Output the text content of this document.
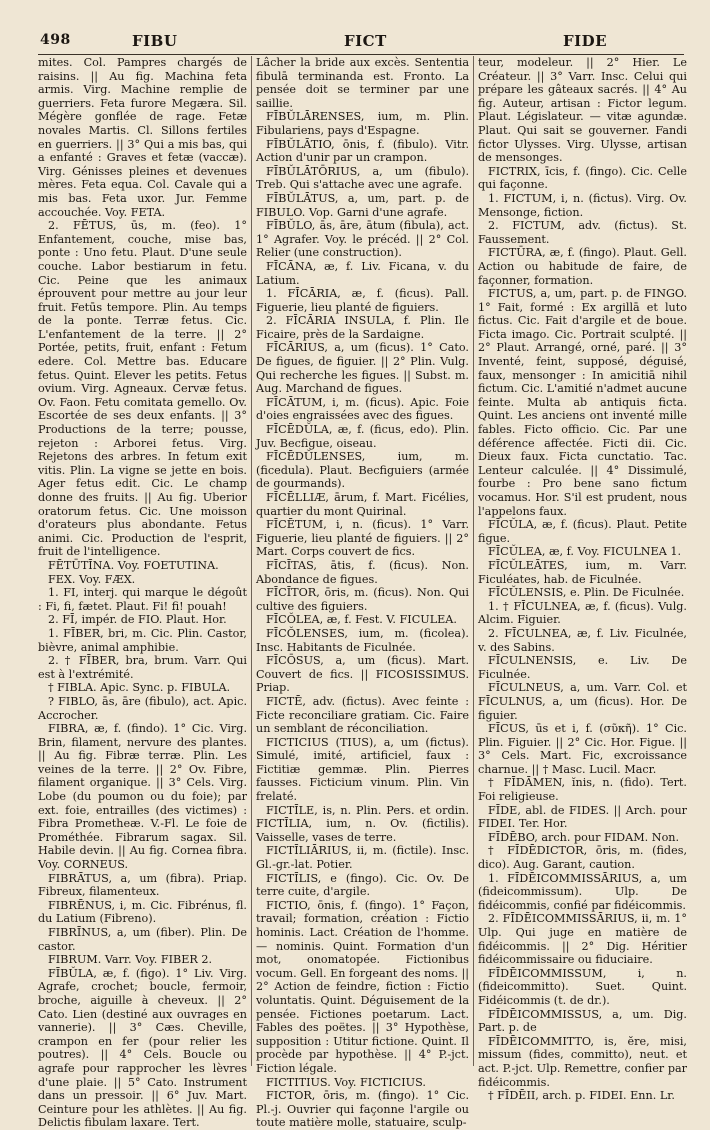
498	FIBU	FICT	FIDE
mites. Col. Pampres chargés de raisins. || Au fig. Machina feta armis. Virg. Machine remplie de guerriers. Feta furore Megæra. Sil. Mégère gonflée de rage. Fetæ novales Martis. Cl. Sillons fertiles en guerriers. || 3° Qui a mis bas, qui a enfanté : Graves et fetæ (vaccæ). Virg. Génisses pleines et devenues mères. Feta equa. Col. Cavale qui a mis bas. Feta uxor. Jur. Femme accouchée. Voy. FETA.
2. FĒTUS, ūs, m. (feo). 1° Enfantement, couche, mise bas, ponte : Uno fetu. Plaut. D'une seule couche. Labor bestiarum in fetu. Cic. Peine que les animaux éprouvent pour mettre au jour leur fruit. Fetūs tempore. Plin. Au temps de la ponte. Terræ fetus. Cic. L'enfantement de la terre. || 2° Portée, petits, fruit, enfant : Fetum edere. Col. Mettre bas. Educare fetus. Quint. Elever les petits. Fetus ovium. Virg. Agneaux. Cervæ fetus. Ov. Faon. Fetu comitata gemello. Ov. Escortée de ses deux enfants. || 3° Productions de la terre; pousse, rejeton : Arborei fetus. Virg. Rejetons des arbres. In fetum exit vitis. Plin. La vigne se jette en bois. Ager fetus edit. Cic. Le champ donne des fruits. || Au fig. Uberior oratorum fetus. Cic. Une moisson d'orateurs plus abondante. Fetus animi. Cic. Production de l'esprit, fruit de l'intelligence.
FĒTŪTĪNA. Voy. FOETUTINA.
FEX. Voy. FÆX.
1. FI, interj. qui marque le dégoût : Fi, fi, fætet. Plaut. Fi! fi! pouah!
2. FĪ, impér. de FIO. Plaut. Hor.
1. FĪBER, bri, m. Cic. Plin. Castor, bièvre, animal amphibie.
2. † FĪBER, bra, brum. Varr. Qui est à l'extrémité.
† FIBLA. Apic. Sync. p. FIBULA.
? FIBLO, ās, āre (fibulo), act. Apic. Accrocher.
FIBRA, æ, f. (findo). 1° Cic. Virg. Brin, filament, nervure des plantes. || Au fig. Fibræ terræ. Plin. Les veines de la terre. || 2° Ov. Fibre, filament organique. || 3° Cels. Virg. Lobe (du poumon ou du foie); par ext. foie, entrailles (des victimes) : Fibra Prometheæ. V.-Fl. Le foie de Prométhée. Fibrarum sagax. Sil. Habile devin. || Au fig. Cornea fibra. Voy. CORNEUS.
FIBRĀTUS, a, um (fibra). Priap. Fibreux, filamenteux.
FIBRĒNUS, i, m. Cic. Fibrénus, fl. du Latium (Fibreno).
FIBRĪNUS, a, um (fiber). Plin. De castor.
FIBRUM. Varr. Voy. FIBER 2.
FĪBŬLA, æ, f. (figo). 1° Liv. Virg. Agrafe, crochet; boucle, fermoir, broche, aiguille à cheveux. || 2° Cato. Lien (destiné aux ouvrages en vannerie). || 3° Cæs. Cheville, crampon en fer (pour relier les poutres). || 4° Cels. Boucle ou agrafe pour rapprocher les lèvres d'une plaie. || 5° Cato. Instrument dans un pressoir. || 6° Juv. Mart. Ceinture pour les athlètes. || Au fig. Delictis fibulam laxare. Tert.
Lâcher la bride aux excès. Sententia fibulā terminanda est. Fronto. La pensée doit se terminer par une saillie.
FĪBŬLĀRENSES, ium, m. Plin. Fibulariens, pays d'Espagne.
FĪBŬLĀTIO, ōnis, f. (fibulo). Vitr. Action d'unir par un crampon.
FĪBŬLĀTŌRIUS, a, um (fibulo). Treb. Qui s'attache avec une agrafe.
FĪBŬLĀTUS, a, um, part. p. de FIBULO. Vop. Garni d'une agrafe.
FĪBŬLO, ās, āre, ātum (fibula), act. 1° Agrafer. Voy. le précéd. || 2° Col. Relier (une construction).
FĪCĀNA, æ, f. Liv. Ficana, v. du Latium.
1. FĪCĀRIA, æ, f. (ficus). Pall. Figuerie, lieu planté de figuiers.
2. FĪCĀRIA INSULA, f. Plin. Ile Ficaire, près de la Sardaigne.
FĪCĀRIUS, a, um (ficus). 1° Cato. De figues, de figuier. || 2° Plin. Vulg. Qui recherche les figues. || Subst. m. Aug. Marchand de figues.
FĪCĀTUM, i, m. (ficus). Apic. Foie d'oies engraissées avec des figues.
FĪCĒDŬLA, æ, f. (ficus, edo). Plin. Juv. Becfigue, oiseau.
FĪCĒDŬLENSES, ium, m. (ficedula). Plaut. Becfiguiers (armée de gourmands).
FĪCĒLLIÆ, ārum, f. Mart. Ficélies, quartier du mont Quirinal.
FĪCĒTUM, i, n. (ficus). 1° Varr. Figuerie, lieu planté de figuiers. || 2° Mart. Corps couvert de fics.
FĪCĪTAS, ātis, f. (ficus). Non. Abondance de figues.
FĪCĪTOR, ōris, m. (ficus). Non. Qui cultive des figuiers.
FĪCŎLEA, æ, f. Fest. V. FICULEA.
FĪCŎLENSES, ium, m. (ficolea). Insc. Habitants de Ficulnée.
FĪCŌSUS, a, um (ficus). Mart. Couvert de fics. || FICOSISSIMUS. Priap.
FICTĒ, adv. (fictus). Avec feinte : Ficte reconciliare gratiam. Cic. Faire un semblant de réconciliation.
FICTICIUS (TIUS), a, um (fictus). Simulé, imité, artificiel, faux : Fictitiæ gemmæ. Plin. Pierres fausses. Ficticium vinum. Plin. Vin frelaté.
FICTĪLE, is, n. Plin. Pers. et ordin. FICTĪLIA, ium, n. Ov. (fictilis). Vaisselle, vases de terre.
FICTĪLIĀRIUS, ii, m. (fictile). Insc. Gl.-gr.-lat. Potier.
FICTĪLIS, e (fingo). Cic. Ov. De terre cuite, d'argile.
FICTIO, ōnis, f. (fingo). 1° Façon, travail; formation, création : Fictio hominis. Lact. Création de l'homme. — nominis. Quint. Formation d'un mot, onomatopée. Fictionibus vocum. Gell. En forgeant des noms. || 2° Action de feindre, fiction : Fictio voluntatis. Quint. Déguisement de la pensée. Fictiones poetarum. Lact. Fables des poëtes. || 3° Hypothèse, supposition : Utitur fictione. Quint. Il procède par hypothèse. || 4° P.-jct. Fiction légale.
FICTITIUS. Voy. FICTICIUS.
FICTOR, ōris, m. (fingo). 1° Cic. Pl.-j. Ouvrier qui façonne l'argile ou toute matière molle, statuaire, sculp-
teur, modeleur. || 2° Hier. Le Créateur. || 3° Varr. Insc. Celui qui prépare les gâteaux sacrés. || 4° Au fig. Auteur, artisan : Fictor legum. Plaut. Législateur. — vitæ agundæ. Plaut. Qui sait se gouverner. Fandi fictor Ulysses. Virg. Ulysse, artisan de mensonges.
FICTRIX, īcis, f. (fingo). Cic. Celle qui façonne.
1. FICTUM, i, n. (fictus). Virg. Ov. Mensonge, fiction.
2. FICTUM, adv. (fictus). St. Faussement.
FICTŪRA, æ, f. (fingo). Plaut. Gell. Action ou habitude de faire, de façonner, formation.
FICTUS, a, um, part. p. de FINGO. 1° Fait, formé : Ex argillā et luto fictus. Cic. Fait d'argile et de boue. Ficta imago. Cic. Portrait sculpté. || 2° Plaut. Arrangé, orné, paré. || 3° Inventé, feint, supposé, déguisé, faux, mensonger : In amicitiā nihil fictum. Cic. L'amitié n'admet aucune feinte. Multa ab antiquis ficta. Quint. Les anciens ont inventé mille fables. Ficto officio. Cic. Par une déférence affectée. Ficti dii. Cic. Dieux faux. Ficta cunctatio. Tac. Lenteur calculée. || 4° Dissimulé, fourbe : Pro bene sano fictum vocamus. Hor. S'il est prudent, nous l'appelons faux.
FĪCŬLA, æ, f. (ficus). Plaut. Petite figue.
FĪCŬLEA, æ, f. Voy. FICULNEA 1.
FĪCŬLEĀTES, ium, m. Varr. Ficuléates, hab. de Ficulnée.
FĪCŬLENSIS, e. Plin. De Ficulnée.
1. † FĪCULNEA, æ, f. (ficus). Vulg. Alcim. Figuier.
2. FĪCULNEA, æ, f. Liv. Ficulnée, v. des Sabins.
FĪCULNENSIS, e. Liv. De Ficulnée.
FĪCULNEUS, a, um. Varr. Col. et FĪCULNUS, a, um (ficus). Hor. De figuier.
FĪCUS, ūs et i, f. (σῦκῆ). 1° Cic. Plin. Figuier. || 2° Cic. Hor. Figue. || 3° Cels. Mart. Fic, excroissance charnue. || † Masc. Lucil. Macr.
† FĪDĀMEN, ĭnis, n. (fido). Tert. Foi religieuse.
FĪDE, abl. de FIDES. || Arch. pour FIDEI. Ter. Hor.
FĪDĒBO, arch. pour FIDAM. Non.
† FĪDĒDICTOR, ōris, m. (fides, dico). Aug. Garant, caution.
1. FĪDĒICOMMISSĀRIUS, a, um (fideicommissum). Ulp. De fidéicommis, confié par fidéicommis.
2. FĪDĒICOMMISSĀRIUS, ii, m. 1° Ulp. Qui juge en matière de fidéicommis. || 2° Dig. Héritier fidéicommissaire ou fiduciaire.
FĪDĒICOMMISSUM, i, n. (fideicommitto). Suet. Quint. Fidéicommis (t. de dr.).
FĪDĒICOMMISSUS, a, um. Dig. Part. p. de
FĪDĒICOMMITTO, is, ĕre, misi, missum (fides, committo), neut. et act. P.-jct. Ulp. Remettre, confier par fidéicommis.
† FĪDĒII, arch. p. FIDEI. Enn. Lr.
